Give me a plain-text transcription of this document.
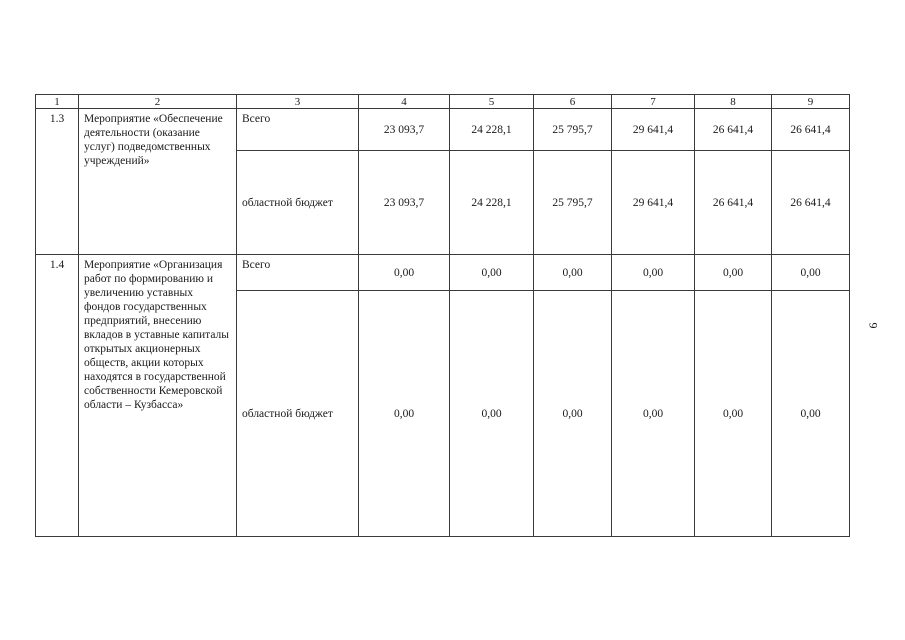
1	2	3	4	5	6	7	8	9
1.3	Мероприятие «Обеспечение деятельности (оказание услуг) подведомственных учреждений»	Всего	23 093,7	24 228,1	25 795,7	29 641,4	26 641,4	26 641,4
		областной бюджет	23 093,7	24 228,1	25 795,7	29 641,4	26 641,4	26 641,4
1.4	Мероприятие «Организация работ по формированию и увеличению уставных фондов государственных предприятий, внесению вкладов в уставные капиталы открытых акционерных обществ, акции которых находятся в государственной собственности Кемеровской области – Кузбасса»	Всего	0,00	0,00	0,00	0,00	0,00	0,00
		областной бюджет	0,00	0,00	0,00	0,00	0,00	0,00
9
